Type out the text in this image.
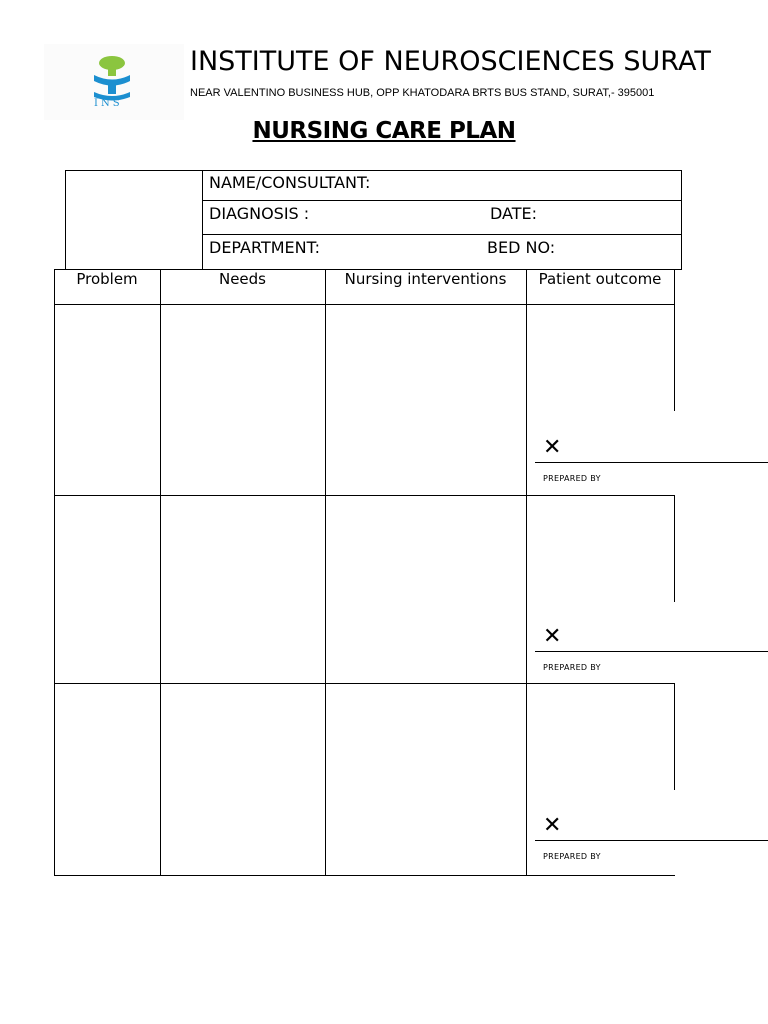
INS
INSTITUTE OF NEUROSCIENCES SURAT
NEAR VALENTINO BUSINESS HUB, OPP KHATODARA BRTS BUS STAND, SURAT,- 395001
NURSING CARE PLAN
NAME/CONSULTANT:
DIAGNOSIS :	DATE:
DEPARTMENT:	BED NO:
Problem	Needs	Nursing interventions	Patient outcome
✕
PREPARED BY
✕
PREPARED BY
✕
PREPARED BY
